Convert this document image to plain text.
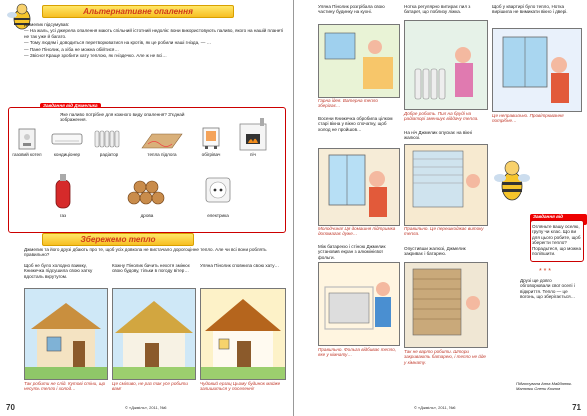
Альтернативне опалення

Джмелик підсумував:

— На жаль, усі джерела опалення мають спільний істотний недолік: вони використовують паливо, якого на нашій планеті не так уже й багато.

— Тому людям і доводиться перетворюватися на кротів, як це робили наші гнізда, — …

— Пане Пінолик, а хіба не можна обійтися…

— Звісно! Краще зробити хату теплою, як гніздечко. Але ж не всі…

Завдання від Джмелика
Яке паливо потрібне для кожного виду опалення? З'єднай зображення.
газовий котел	кондиціонер	радіатор	тепла підлога	обігрівач	піч
газ	дрова	електрика
Збережемо тепло
Джмелик та його друзі дбають про те, щоб усіх довкола не вистачало дорогоцінне тепло. Але чи всі вони роблять правильно?
Щоб не було холодно взимку, Книжечка підсушила свою хатку вдосталь вкрутугом.
Кожну Пінолик бачить нехотя змінює свою будову, тільки в погоду вітер…
Уляна Пінолик сповнила свою хату…
Так робити не слід. Кутові стіни, що несуть тепло і холод…
Це сміливо, не раз так усе робити вам!
Чудовий ерзац Цьому будинок майже залишиться у поселенні!
70	© «Джміль», 2011, №6
Уляна Пінолик розгрібала свою частину будинку на кухні.
Гарна ідея. Ватерна тепло зберігає…
Восени Книжечка обробила цілком старі вікна у вікно спочатку, щоб холод не пройшов…
Молодчина! Ця домашня підтримка допомагає дуже…
Між батареєю і стіною Джмелик установив екран з алюмінієвої фольги.
Правильно. Фольга відбиває тепло, яке у кімнату…
Нотка регулярно витирає пил з батареї, що поблизу ліжка.
Добре робить. Пил на бруді на радіаторі зменшує віддачу тепла.
На ніч Джмелик опускає на вікні жалюзі.
Правильно. Це перешкоджає витоку тепла.
Опустивши жалюзі, Джмелик закриває і батарею.
Так не варто робити. Штори закривають батарею, і тепло не йде у кімнату.
Щоб у квартирі було тепло, Нотка вирішила не вимикати вікно і двері.
Це неправильно. Провітрювання потрібне…
Завдання від
Огляньте вашу оселю, групу чи клас. Що ви для цього робите, щоб зберегти тепло? Порадьтеся, що можна поліпшити.
* * *
Друзі ще довго обговорювали свої оселі і відкриття. Тепло — це вогонь, що зберігається…
Підготувала Анна Майданюк. Малюнки Олени Козлов
71
© «Джміль», 2011, №6
